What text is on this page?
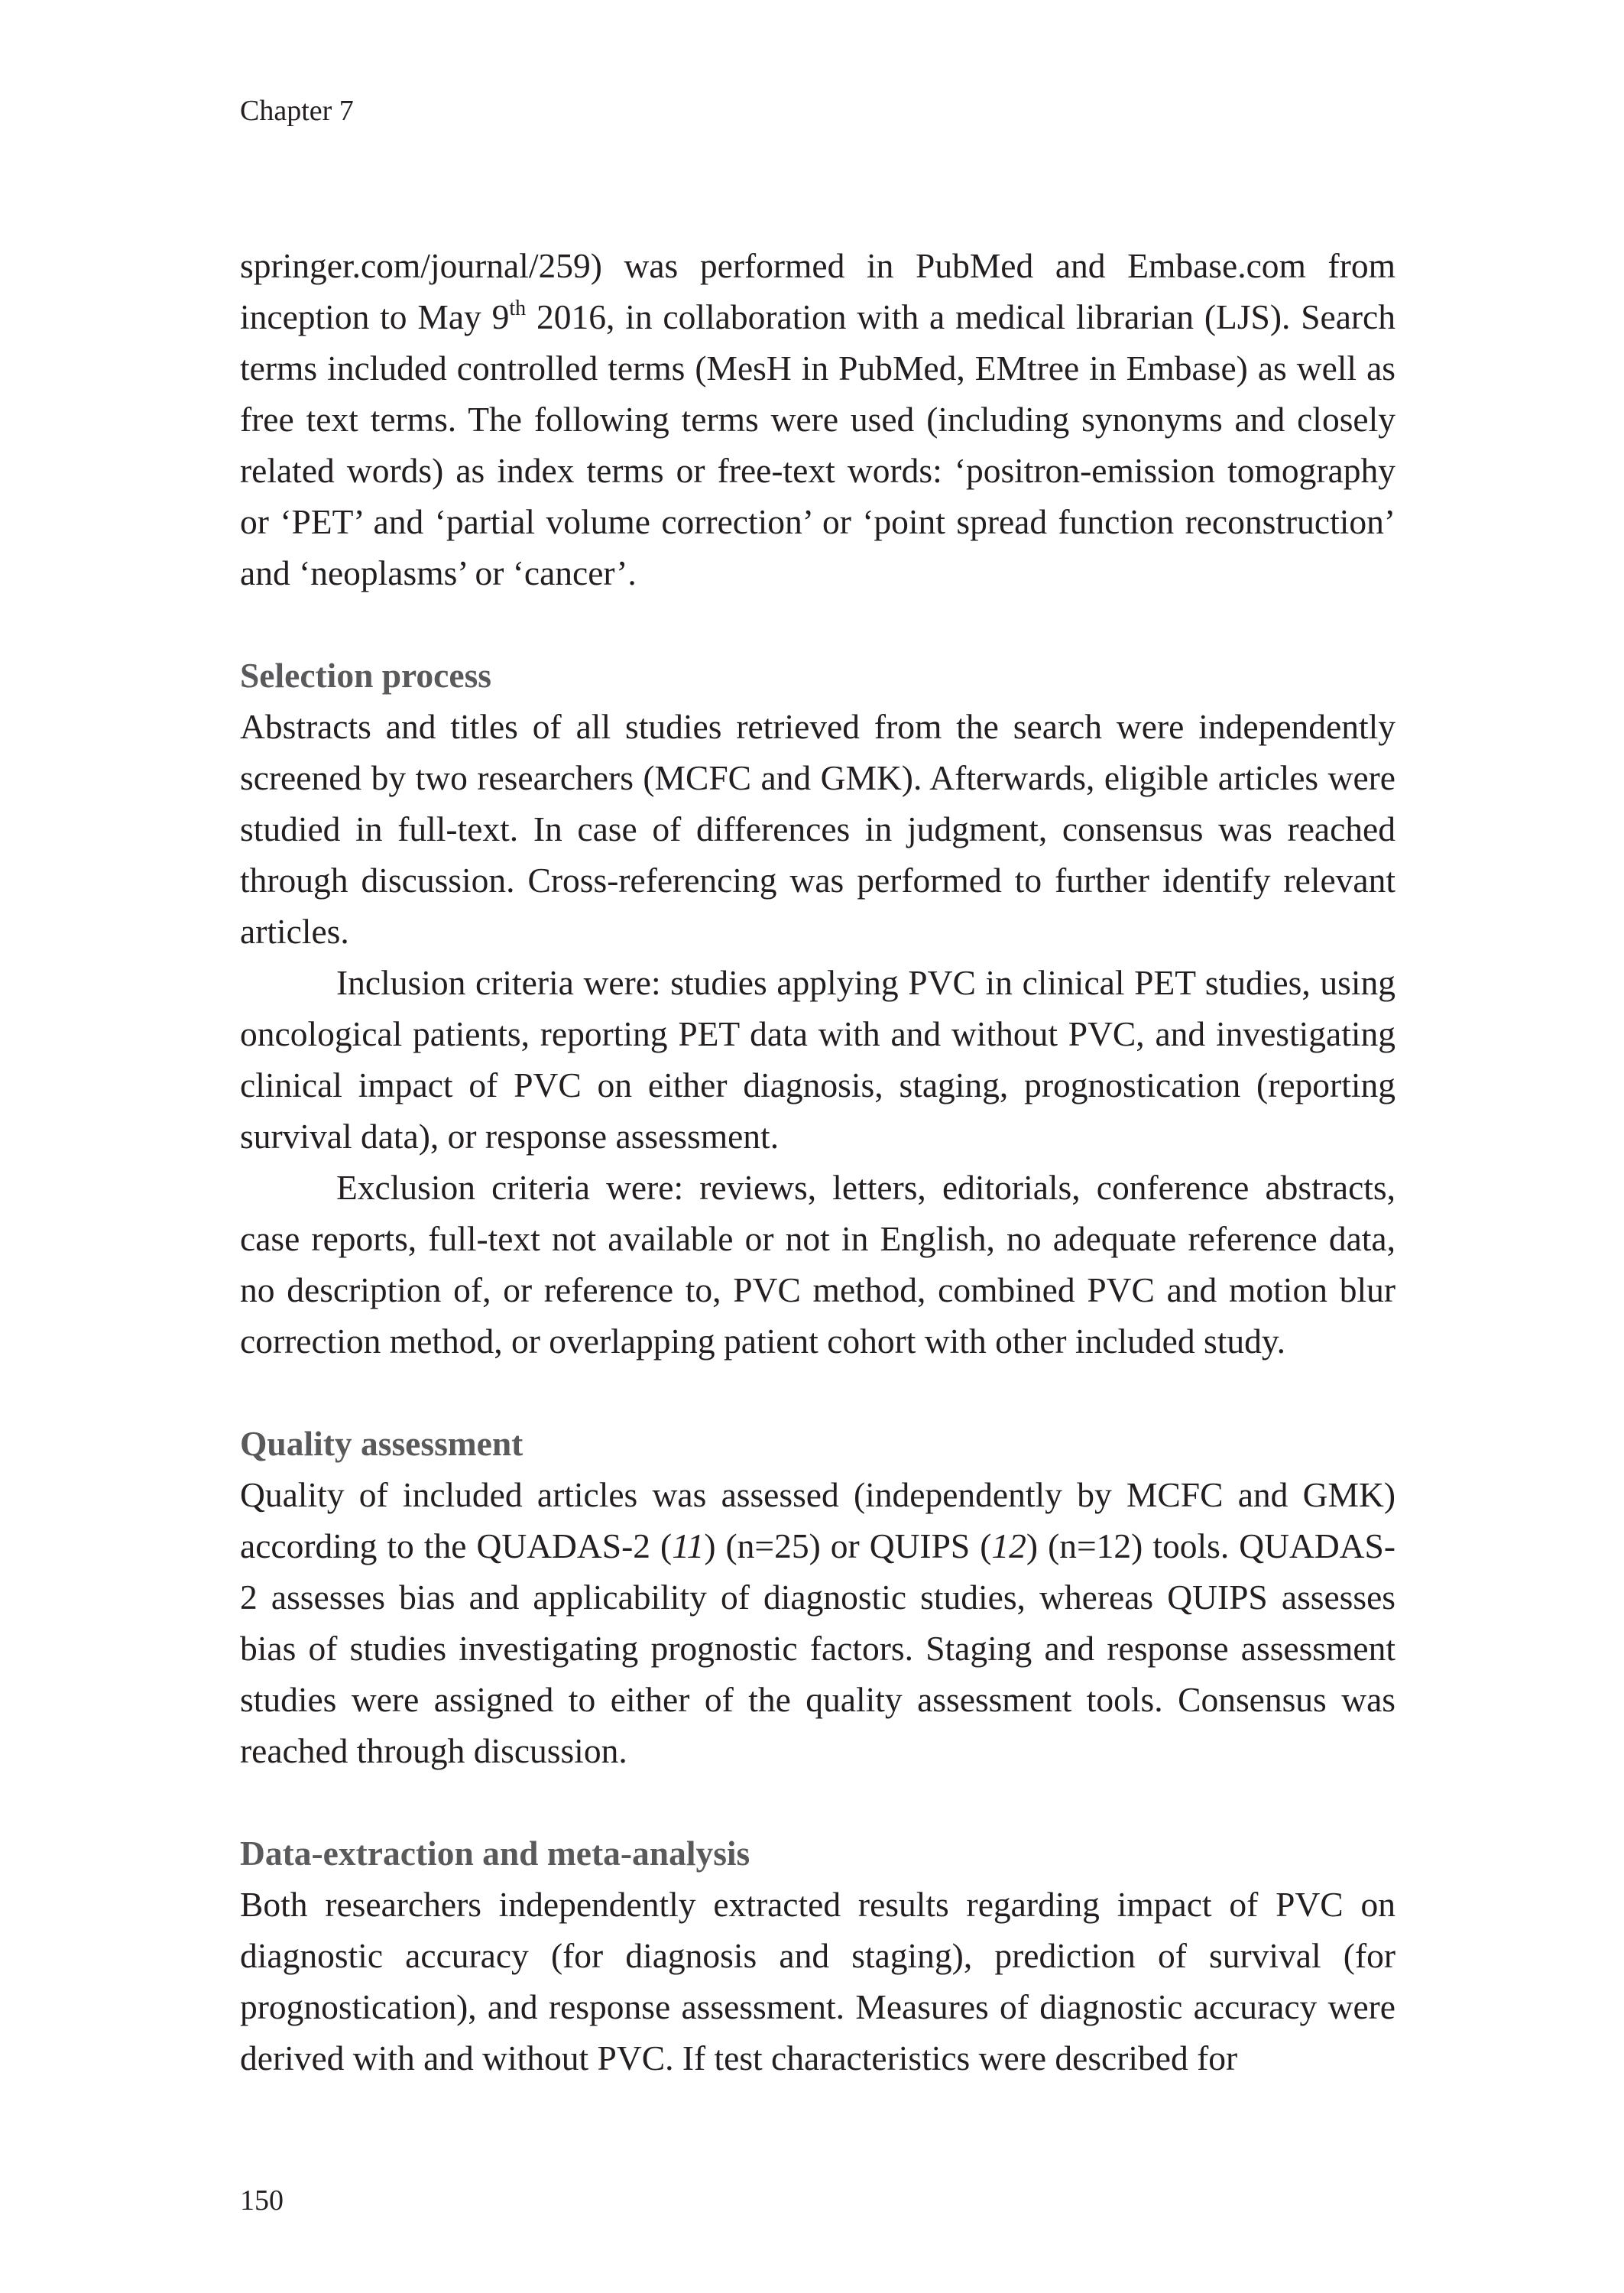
Chapter 7

springer.com/journal/259) was performed in PubMed and Embase.com from inception to May 9th 2016, in collaboration with a medical librarian (LJS). Search terms included controlled terms (MesH in PubMed, EMtree in Embase) as well as free text terms. The following terms were used (including synonyms and closely related words) as index terms or free-text words: ‘positron-emission tomography or ‘PET’ and ‘partial volume correction’ or ‘point spread function reconstruction’ and ‘neoplasms’ or ‘cancer’.

Selection process

Abstracts and titles of all studies retrieved from the search were independently screened by two researchers (MCFC and GMK). Afterwards, eligible articles were studied in full-text. In case of differences in judgment, consensus was reached through discussion. Cross-referencing was performed to further identify relevant articles.

Inclusion criteria were: studies applying PVC in clinical PET studies, using oncological patients, reporting PET data with and without PVC, and investigating clinical impact of PVC on either diagnosis, staging, prognostication (reporting survival data), or response assessment.

Exclusion criteria were: reviews, letters, editorials, conference abstracts, case reports, full-text not available or not in English, no adequate reference data, no description of, or reference to, PVC method, combined PVC and motion blur correction method, or overlapping patient cohort with other included study.

Quality assessment

Quality of included articles was assessed (independently by MCFC and GMK) according to the QUADAS-2 (11) (n=25) or QUIPS (12) (n=12) tools. QUADAS-2 assesses bias and applicability of diagnostic studies, whereas QUIPS assesses bias of studies investigating prognostic factors. Staging and response assessment studies were assigned to either of the quality assessment tools. Consensus was reached through discussion.

Data-extraction and meta-analysis

Both researchers independently extracted results regarding impact of PVC on diagnostic accuracy (for diagnosis and staging), prediction of survival (for prognostication), and response assessment. Measures of diagnostic accuracy were derived with and without PVC. If test characteristics were described for

150
